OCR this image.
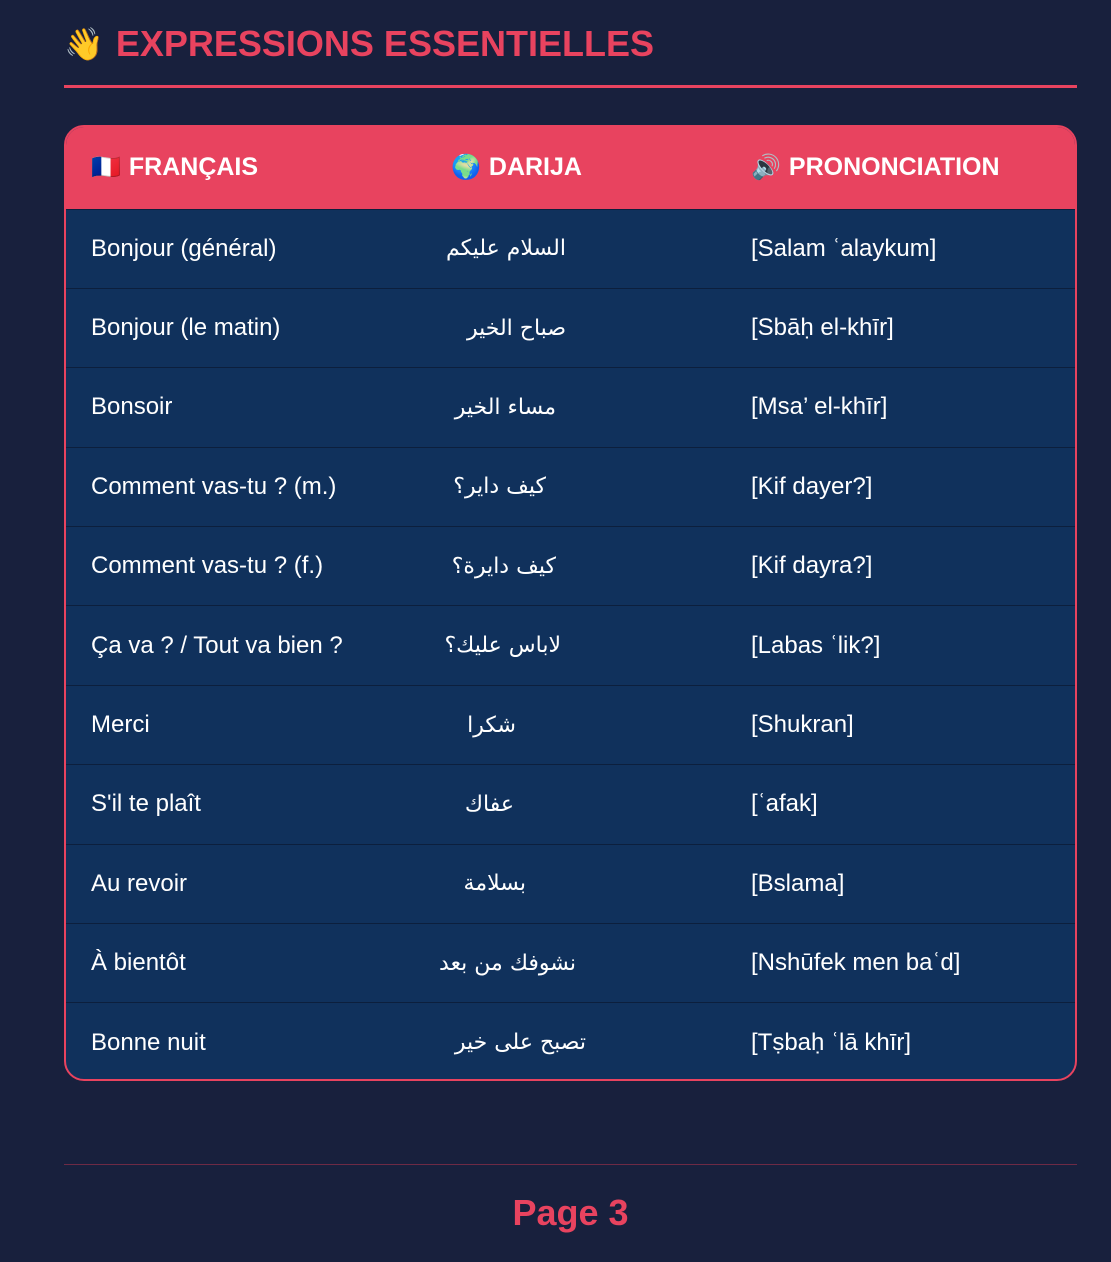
👋 EXPRESSIONS ESSENTIELLES
🇫🇷 FRANÇAIS	🌍 DARIJA	🔊 PRONONCIATION
Bonjour (général)	السلام عليكم	[Salam ʿalaykum]
Bonjour (le matin)	صباح الخير	[Sbāḥ el-khīr]
Bonsoir	مساء الخير	[Msa’ el-khīr]
Comment vas-tu ? (m.)	كيف داير؟	[Kif dayer?]
Comment vas-tu ? (f.)	كيف دايرة؟	[Kif dayra?]
Ça va ? / Tout va bien ?	لاباس عليك؟	[Labas ʿlik?]
Merci	شكرا	[Shukran]
S'il te plaît	عفاك	[ʿafak]
Au revoir	بسلامة	[Bslama]
À bientôt	نشوفك من بعد	[Nshūfek men baʿd]
Bonne nuit	تصبح على خير	[Tṣbaḥ ʿlā khīr]
Page 3
